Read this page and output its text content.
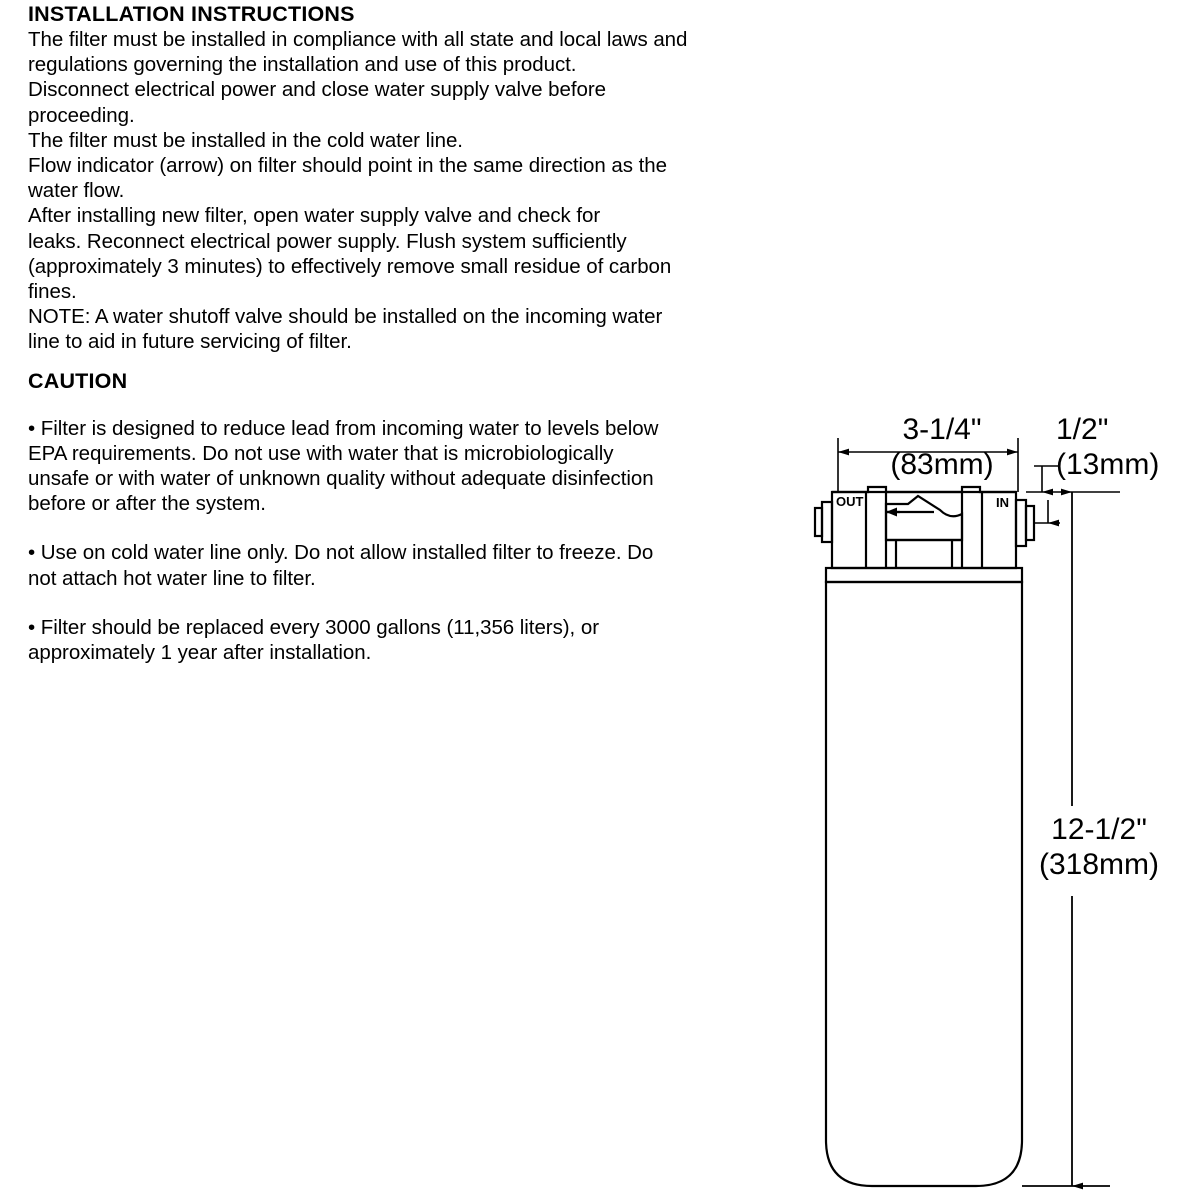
INSTALLATION INSTRUCTIONS

The filter must be installed in compliance with all state and local laws and

regulations governing the installation and use of this product.

Disconnect electrical power and close water supply valve before

proceeding.

The filter must be installed in the cold water line.

Flow indicator (arrow) on filter should point in the same direction as the

water flow.

After installing new filter, open water supply valve and check for

leaks. Reconnect electrical power supply. Flush system sufficiently

(approximately 3 minutes) to effectively remove small residue of carbon

fines.

NOTE: A water shutoff valve should be installed on the incoming water

line to aid in future servicing of filter.

CAUTION

• Filter is designed to reduce lead from incoming water to levels below

EPA requirements. Do not use with water that is microbiologically

unsafe or with water of unknown quality without adequate disinfection

before or after the system.

• Use on cold water line only. Do not allow installed filter to freeze. Do

not attach hot water line to filter.

• Filter should be replaced every 3000 gallons (11,356 liters), or

approximately 1 year after installation.

OUT	IN
3-1/4"
(83mm)
1/2"
(13mm)
12-1/2"
(318mm)
